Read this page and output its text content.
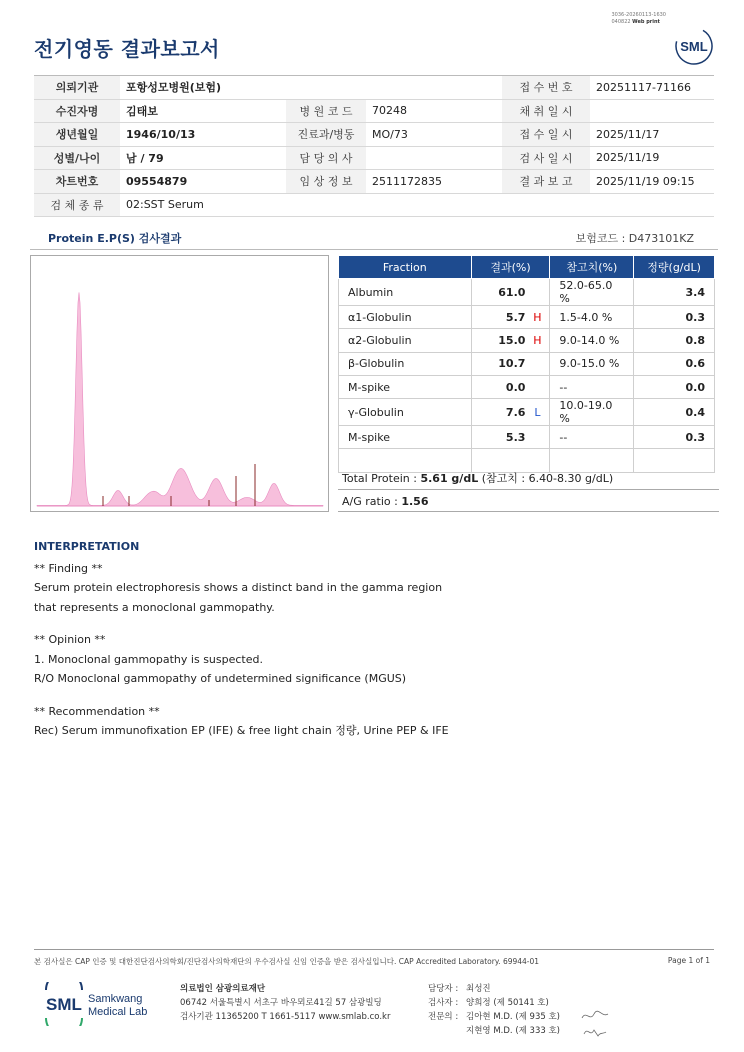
3036-20260113-1630
040822 Web print
SML
전기영동 결과보고서
의뢰기관	포항성모병원(보험)			접 수 번 호	20251117-71166
수진자명	김태보	병 원 코 드	70248	채 취 일 시	
생년월일	1946/10/13	진료과/병동	MO/73	접 수 일 시	2025/11/17
성별/나이	남 / 79	담 당 의 사		검 사 일 시	2025/11/19
차트번호	09554879	임 상 정 보	2511172835	결 과 보 고	2025/11/19 09:15
검 체 종 류	02:SST Serum				
Protein E.P(S) 검사결과	보험코드 : D473101KZ
Fraction	결과(%)	참고치(%)	정량(g/dL)
Albumin	61.0	52.0-65.0 %	3.4
α1-Globulin	5.7 H	1.5-4.0 %	0.3
α2-Globulin	15.0 H	9.0-14.0 %	0.8
β-Globulin	10.7	9.0-15.0 %	0.6
M-spike	0.0	--	0.0
γ-Globulin	7.6 L	10.0-19.0 %	0.4
M-spike	5.3	--	0.3

Total Protein : 5.61 g/dL (참고치 : 6.40-8.30 g/dL)
A/G ratio : 1.56
INTERPRETATION
** Finding **
Serum protein electrophoresis shows a distinct band in the gamma region
that represents a monoclonal gammopathy.
** Opinion **
1. Monoclonal gammopathy is suspected.
R/O Monoclonal gammopathy of undetermined significance (MGUS)
** Recommendation **
Rec) Serum immunofixation EP (IFE) & free light chain 정량, Urine PEP & IFE
본 검사실은 CAP 인증 및 대한진단검사의학회/진단검사의학재단의 우수검사실 신임 인증을 받은 검사실입니다. CAP Accredited Laboratory. 69944-01	Page 1 of 1
SML Samkwang
Medical Lab
의료법인 삼광의료재단
06742 서울특별시 서초구 바우뫼로41길 57 삼광빌딩
검사기관 11365200 T 1661-5117 www.smlab.co.kr
담당자 : 최성진
검사자 : 양희정 (제 50141 호)
전문의 : 김아현 M.D. (제 935 호)
지현영 M.D. (제 333 호)
